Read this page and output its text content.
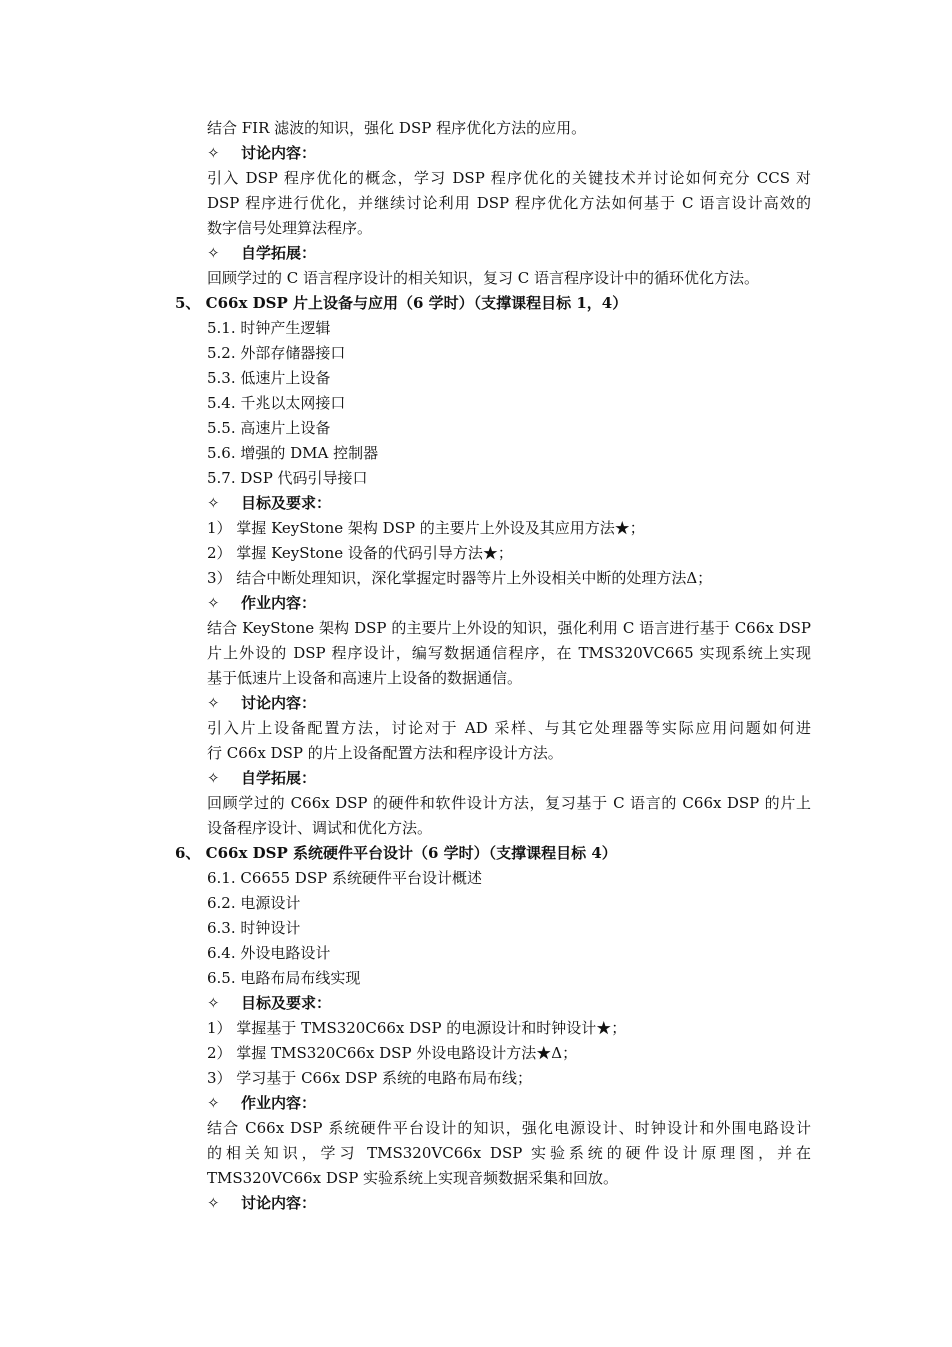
结合 FIR 滤波的知识，强化 DSP 程序优化方法的应用。
✧ 讨论内容：
引入 DSP 程序优化的概念，学习 DSP 程序优化的关键技术并讨论如何充分 CCS 对
DSP 程序进行优化，并继续讨论利用 DSP 程序优化方法如何基于 C 语言设计高效的
数字信号处理算法程序。
✧ 自学拓展：
回顾学过的 C 语言程序设计的相关知识，复习 C 语言程序设计中的循环优化方法。
5、 C66x DSP 片上设备与应用（6 学时）（支撑课程目标 1，4）
5.1. 时钟产生逻辑
5.2. 外部存储器接口
5.3. 低速片上设备
5.4. 千兆以太网接口
5.5. 高速片上设备
5.6. 增强的 DMA 控制器
5.7. DSP 代码引导接口
✧ 目标及要求：
1） 掌握 KeyStone 架构 DSP 的主要片上外设及其应用方法★；
2） 掌握 KeyStone 设备的代码引导方法★；
3） 结合中断处理知识，深化掌握定时器等片上外设相关中断的处理方法Δ；
✧ 作业内容：
结合 KeyStone 架构 DSP 的主要片上外设的知识，强化利用 C 语言进行基于 C66x DSP
片上外设的 DSP 程序设计，编写数据通信程序，在 TMS320VC665 实现系统上实现
基于低速片上设备和高速片上设备的数据通信。
✧ 讨论内容：
引入片上设备配置方法，讨论对于 AD 采样、与其它处理器等实际应用问题如何进
行 C66x DSP 的片上设备配置方法和程序设计方法。
✧ 自学拓展：
回顾学过的 C66x DSP 的硬件和软件设计方法，复习基于 C 语言的 C66x DSP 的片上
设备程序设计、调试和优化方法。
6、 C66x DSP 系统硬件平台设计（6 学时）（支撑课程目标 4）
6.1. C6655 DSP 系统硬件平台设计概述
6.2. 电源设计
6.3. 时钟设计
6.4. 外设电路设计
6.5. 电路布局布线实现
✧ 目标及要求：
1） 掌握基于 TMS320C66x DSP 的电源设计和时钟设计★；
2） 掌握 TMS320C66x DSP 外设电路设计方法★Δ；
3） 学习基于 C66x DSP 系统的电路布局布线；
✧ 作业内容：
结合 C66x DSP 系统硬件平台设计的知识，强化电源设计、时钟设计和外围电路设计
的相关知识，学习 TMS320VC66x DSP 实验系统的硬件设计原理图，并在
TMS320VC66x DSP 实验系统上实现音频数据采集和回放。
✧ 讨论内容：
